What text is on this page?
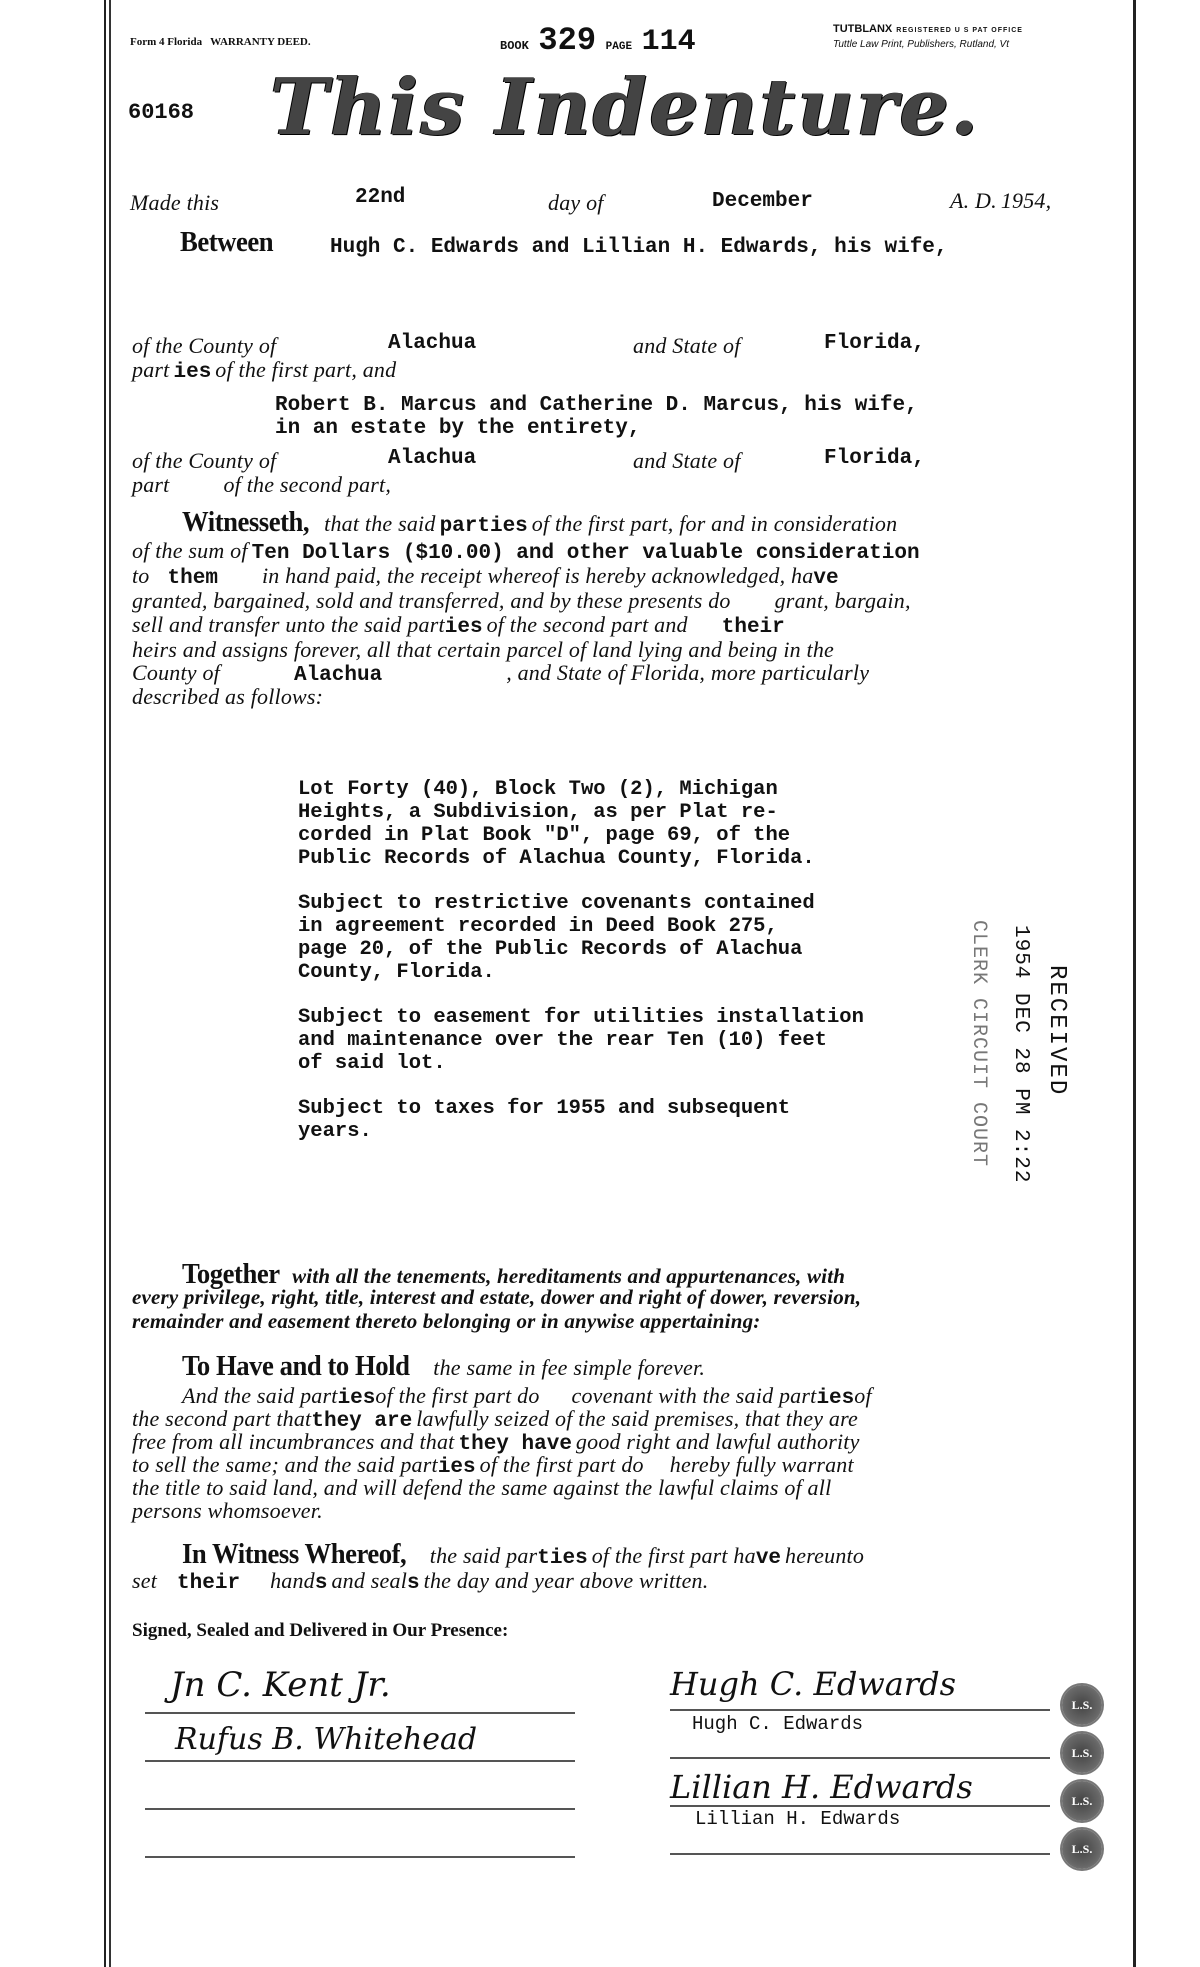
Form 4 Florida WARRANTY DEED.	BOOK 329 PAGE 114	TUTBLANX REGISTERED U S PAT OFFICE
Tuttle Law Print, Publishers, Rutland, Vt
60168 This Indenture.
Made this	22nd	day of	December	A. D. 1954,
Between	Hugh C. Edwards and Lillian H. Edwards, his wife,
of the County of	Alachua	and State of	Florida,
part ies of the first part, and
Robert B. Marcus and Catherine D. Marcus, his wife,
in an estate by the entirety,
of the County of	Alachua	and State of	Florida,
part of the second part,
Witnesseth, that the said parties of the first part, for and in consideration
of the sum of Ten Dollars ($10.00) and other valuable consideration
to them in hand paid, the receipt whereof is hereby acknowledged, have
granted, bargained, sold and transferred, and by these presents do grant, bargain,
sell and transfer unto the said parties of the second part and their
heirs and assigns forever, all that certain parcel of land lying and being in the
County of	Alachua	, and State of Florida, more particularly
described as follows:
Lot Forty (40), Block Two (2), Michigan
Heights, a Subdivision, as per Plat re-
corded in Plat Book "D", page 69, of the
Public Records of Alachua County, Florida.
Subject to restrictive covenants contained
in agreement recorded in Deed Book 275,
page 20, of the Public Records of Alachua
County, Florida.
Subject to easement for utilities installation
and maintenance over the rear Ten (10) feet
of said lot.
Subject to taxes for 1955 and subsequent
years.
RECEIVED
1954 DEC 28 PM 2:22
CLERK CIRCUIT COURT
Together with all the tenements, hereditaments and appurtenances, with
every privilege, right, title, interest and estate, dower and right of dower, reversion,
remainder and easement thereto belonging or in anywise appertaining:
To Have and to Hold the same in fee simple forever.
And the said partiesof the first part do covenant with the said partiesof
the second part thatthey are lawfully seized of the said premises, that they are
free from all incumbrances and that they have good right and lawful authority
to sell the same; and the said parties of the first part do hereby fully warrant
the title to said land, and will defend the same against the lawful claims of all
persons whomsoever.
In Witness Whereof, the said parties of the first part have hereunto
set their hands and seals the day and year above written.
Signed, Sealed and Delivered in Our Presence:
Jn C. Kent Jr.
Rufus B. Whitehead
Hugh C. Edwards
Hugh C. Edwards
Lillian H. Edwards
Lillian H. Edwards
L.S.
L.S.
L.S.
L.S.
